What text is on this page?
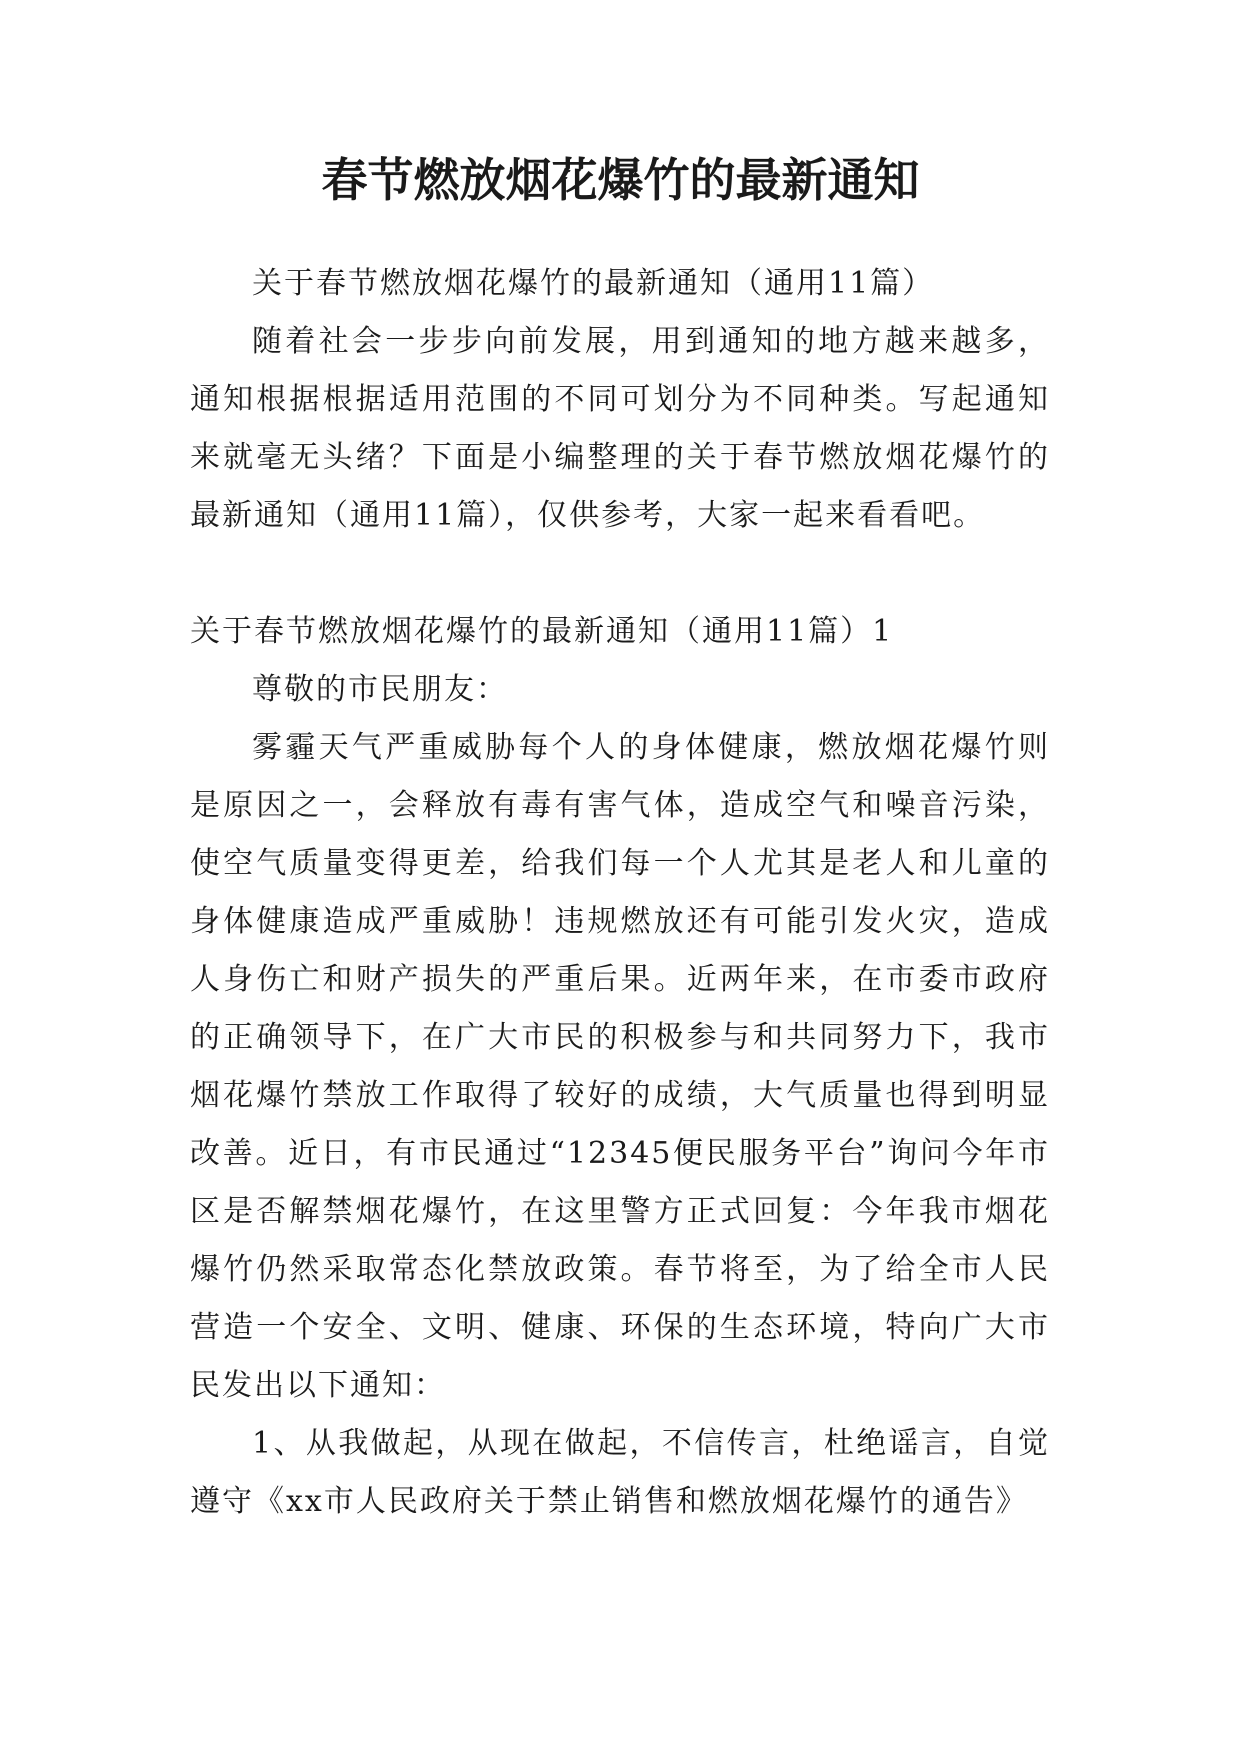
春节燃放烟花爆竹的最新通知

关于春节燃放烟花爆竹的最新通知（通用11篇）

随着社会一步步向前发展，用到通知的地方越来越多，通知根据根据适用范围的不同可划分为不同种类。写起通知来就毫无头绪？下面是小编整理的关于春节燃放烟花爆竹的最新通知（通用11篇），仅供参考，大家一起来看看吧。

关于春节燃放烟花爆竹的最新通知（通用11篇）1

尊敬的市民朋友：

雾霾天气严重威胁每个人的身体健康，燃放烟花爆竹则是原因之一，会释放有毒有害气体，造成空气和噪音污染，使空气质量变得更差，给我们每一个人尤其是老人和儿童的身体健康造成严重威胁！违规燃放还有可能引发火灾，造成人身伤亡和财产损失的严重后果。近两年来，在市委市政府的正确领导下，在广大市民的积极参与和共同努力下，我市烟花爆竹禁放工作取得了较好的成绩，大气质量也得到明显改善。近日，有市民通过“12345便民服务平台”询问今年市区是否解禁烟花爆竹，在这里警方正式回复：今年我市烟花爆竹仍然采取常态化禁放政策。春节将至，为了给全市人民营造一个安全、文明、健康、环保的生态环境，特向广大市民发出以下通知：

1、从我做起，从现在做起，不信传言，杜绝谣言，自觉遵守《xx市人民政府关于禁止销售和燃放烟花爆竹的通告》
